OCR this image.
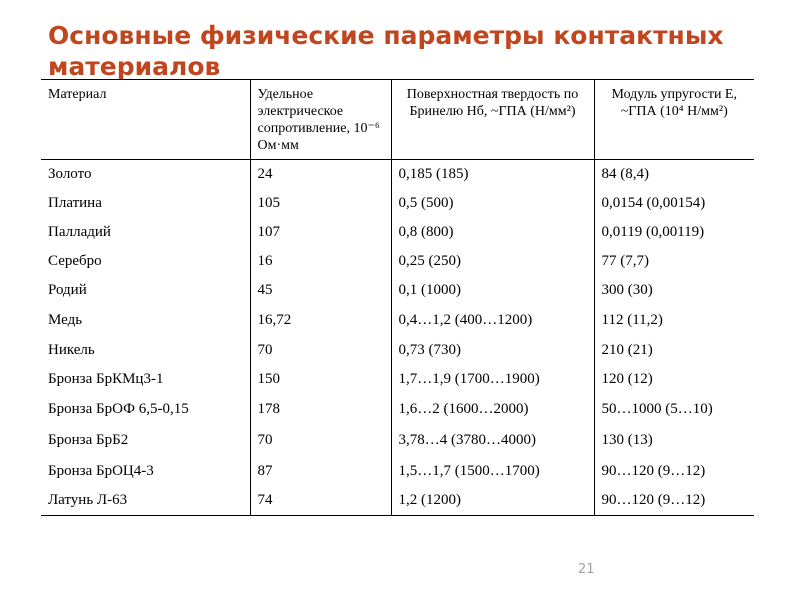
Основные физические параметры контактных материалов
Материал	Удельное электрическое сопротивление, 10⁻⁶ Ом·мм	Поверхностная твердость по Бринелю Hб, ~ГПА (Н/мм²)	Модуль упругости E, ~ГПА (10⁴ Н/мм²)
Золото	24	0,185 (185)	84 (8,4)
Платина	105	0,5 (500)	0,0154 (0,00154)
Палладий	107	0,8 (800)	0,0119 (0,00119)
Серебро	16	0,25 (250)	77 (7,7)
Родий	45	0,1 (1000)	300 (30)
Медь	16,72	0,4…1,2 (400…1200)	112 (11,2)
Никель	70	0,73 (730)	210 (21)
Бронза БрКМц3-1	150	1,7…1,9 (1700…1900)	120 (12)
Бронза БрОФ 6,5-0,15	178	1,6…2 (1600…2000)	50…1000 (5…10)
Бронза БрБ2	70	3,78…4 (3780…4000)	130 (13)
Бронза БрОЦ4-3	87	1,5…1,7 (1500…1700)	90…120 (9…12)
Латунь Л-63	74	1,2 (1200)	90…120 (9…12)
21
